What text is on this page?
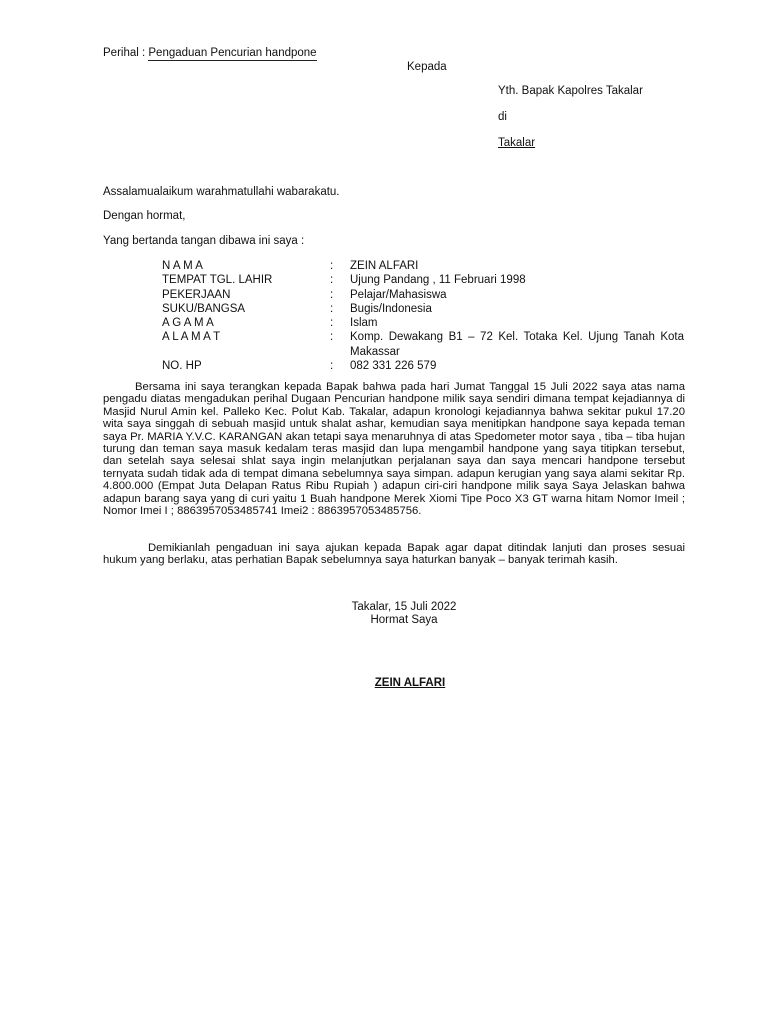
Perihal : Pengaduan Pencurian handpone
Kepada
Yth. Bapak Kapolres Takalar
di
Takalar
Assalamualaikum warahmatullahi wabarakatu.
Dengan hormat,
Yang bertanda tangan dibawa ini saya :
N A M A	:	ZEIN ALFARI
TEMPAT TGL. LAHIR	:	Ujung Pandang , 11 Februari 1998
PEKERJAAN	:	Pelajar/Mahasiswa
SUKU/BANGSA	:	Bugis/Indonesia
A G A M A	:	Islam
A L A M A T	:	Komp. Dewakang B1 – 72 Kel. Totaka Kel. Ujung Tanah Kota Makassar
NO. HP	:	082 331 226 579
Bersama ini saya terangkan kepada Bapak bahwa pada hari Jumat Tanggal 15 Juli 2022 saya atas nama pengadu diatas mengadukan perihal Dugaan Pencurian handpone milik saya sendiri dimana tempat kejadiannya di Masjid Nurul Amin kel. Palleko Kec. Polut Kab. Takalar, adapun kronologi kejadiannya bahwa sekitar pukul 17.20 wita saya singgah di sebuah masjid untuk shalat ashar, kemudian saya menitipkan handpone saya kepada teman saya Pr. MARIA Y.V.C. KARANGAN akan tetapi saya menaruhnya di atas Spedometer motor saya , tiba – tiba hujan turung dan teman saya masuk kedalam teras masjid dan lupa mengambil handpone yang saya titipkan tersebut, dan setelah saya selesai shlat saya ingin melanjutkan perjalanan saya dan saya mencari handpone tersebut ternyata sudah tidak ada di tempat dimana sebelumnya saya simpan. adapun kerugian yang saya alami sekitar Rp. 4.800.000 (Empat Juta Delapan Ratus Ribu Rupiah ) adapun ciri-ciri handpone milik saya Saya Jelaskan bahwa adapun barang saya yang di curi yaitu 1 Buah handpone Merek Xiomi Tipe Poco X3 GT warna hitam Nomor Imeil ; Nomor Imei I ; 8863957053485741 Imei2 : 8863957053485756.
Demikianlah pengaduan ini saya ajukan kepada Bapak agar dapat ditindak lanjuti dan proses sesuai hukum yang berlaku, atas perhatian Bapak sebelumnya saya haturkan banyak – banyak terimah kasih.
Takalar, 15 Juli 2022
Hormat Saya
ZEIN ALFARI
